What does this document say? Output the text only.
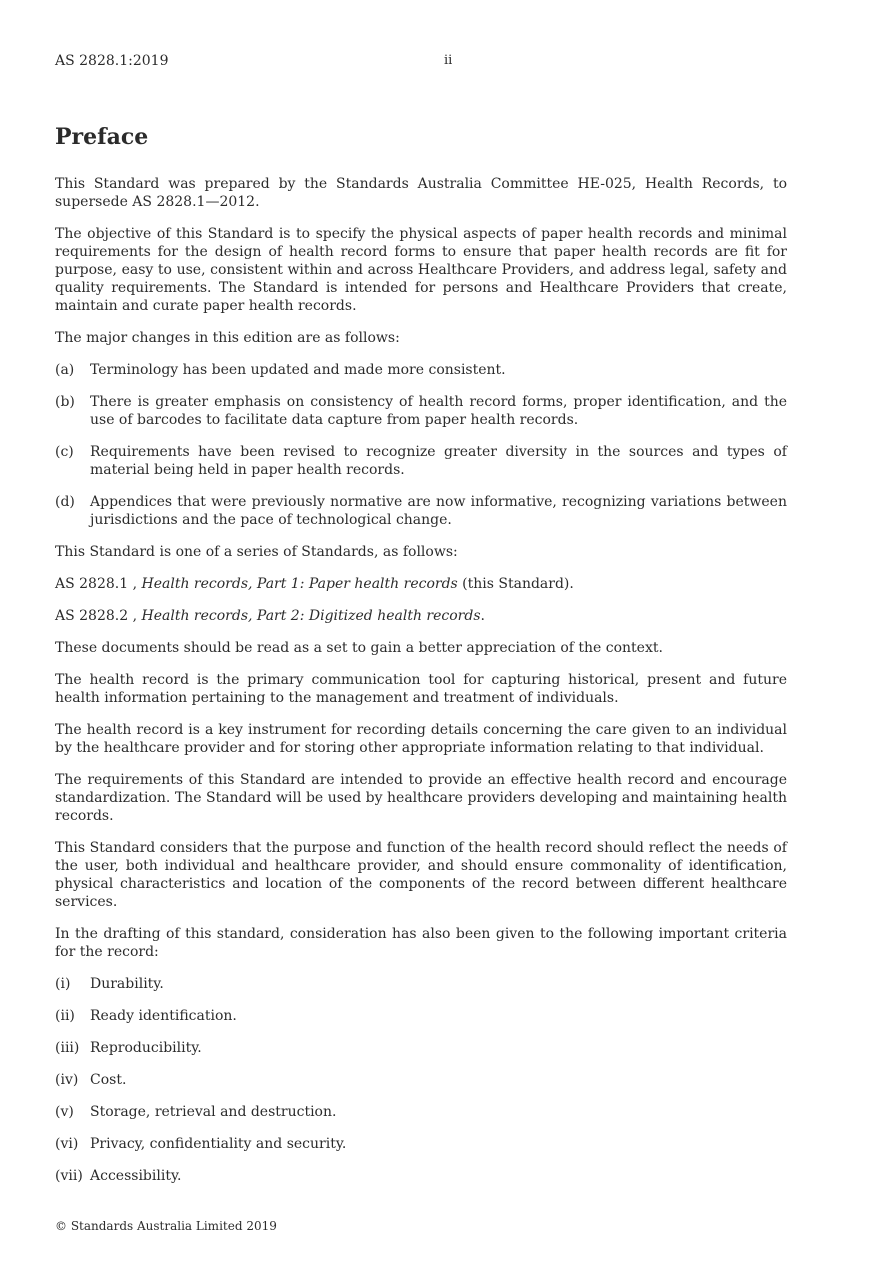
AS 2828.1:2019	ii
Preface

This Standard was prepared by the Standards Australia Committee HE-025, Health Records, to supersede AS 2828.1—2012.

The objective of this Standard is to specify the physical aspects of paper health records and minimal requirements for the design of health record forms to ensure that paper health records are fit for purpose, easy to use, consistent within and across Healthcare Providers, and address legal, safety and quality requirements. The Standard is intended for persons and Healthcare Providers that create, maintain and curate paper health records.

The major changes in this edition are as follows:

(a)	Terminology has been updated and made more consistent.
(b)	There is greater emphasis on consistency of health record forms, proper identification, and the use of barcodes to facilitate data capture from paper health records.
(c)	Requirements have been revised to recognize greater diversity in the sources and types of material being held in paper health records.
(d)	Appendices that were previously normative are now informative, recognizing variations between jurisdictions and the pace of technological change.

This Standard is one of a series of Standards, as follows:

AS 2828.1 , Health records, Part 1: Paper health records (this Standard).

AS 2828.2 , Health records, Part 2: Digitized health records.

These documents should be read as a set to gain a better appreciation of the context.

The health record is the primary communication tool for capturing historical, present and future health information pertaining to the management and treatment of individuals.

The health record is a key instrument for recording details concerning the care given to an individual by the healthcare provider and for storing other appropriate information relating to that individual.

The requirements of this Standard are intended to provide an effective health record and encourage standardization. The Standard will be used by healthcare providers developing and maintaining health records.

This Standard considers that the purpose and function of the health record should reflect the needs of the user, both individual and healthcare provider, and should ensure commonality of identification, physical characteristics and location of the components of the record between different healthcare services.

In the drafting of this standard, consideration has also been given to the following important criteria for the record:

(i)	Durability.
(ii)	Ready identification.
(iii) Reproducibility.
(iv) Cost.
(v)	Storage, retrieval and destruction.
(vi) Privacy, confidentiality and security.
(vii) Accessibility.
© Standards Australia Limited 2019
